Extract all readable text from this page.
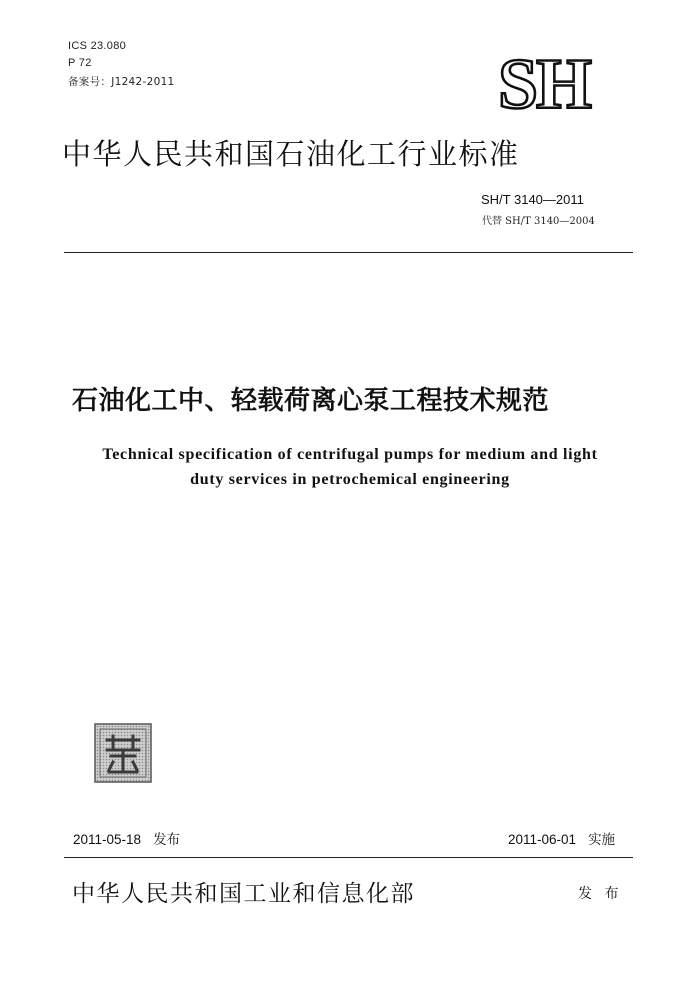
ICS 23.080
P 72
备案号：J1242-2011	SH
中华人民共和国石油化工行业标准
SH/T 3140—2011
代替 SH/T 3140—2004
石油化工中、轻载荷离心泵工程技术规范
Technical specification of centrifugal pumps for medium and light
duty services in petrochemical engineering
2011-05-18 发布	2011-06-01 实施
中华人民共和国工业和信息化部	发 布
